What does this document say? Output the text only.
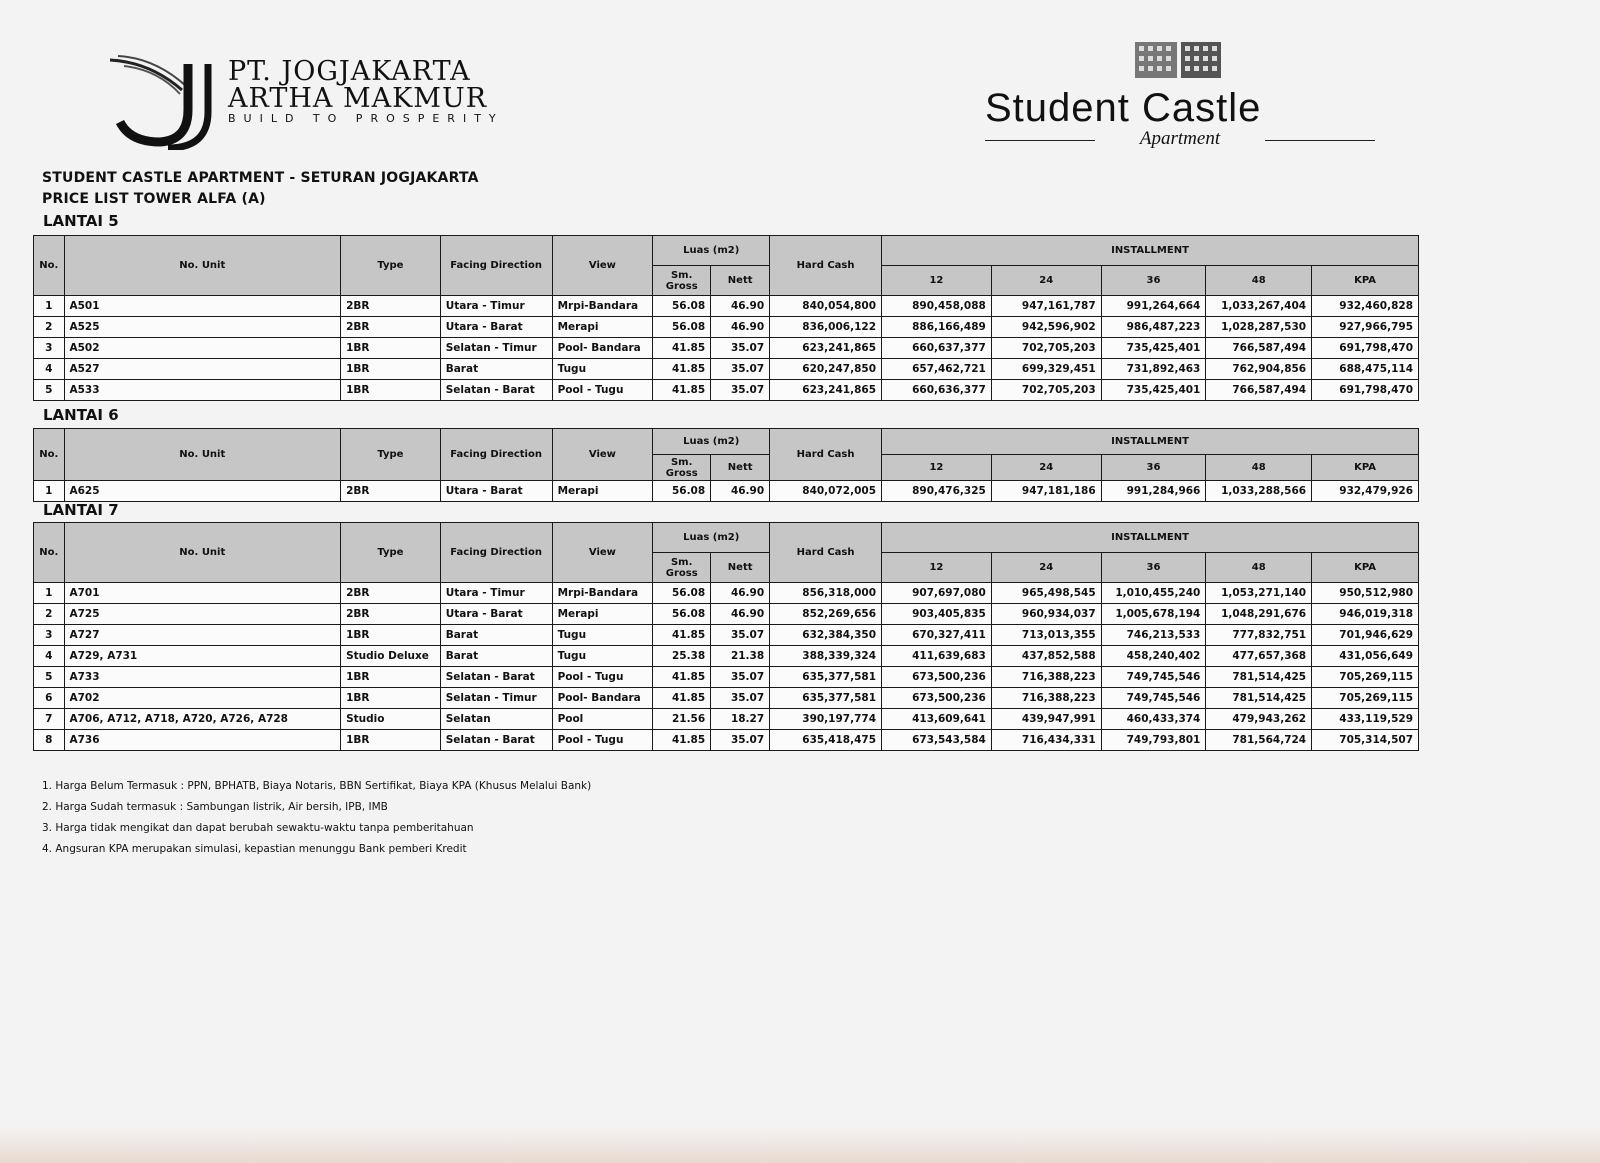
PT. JOGJAKARTA
ARTHA MAKMUR
BUILD TO PROSPERITY	Student Castle
Apartment
STUDENT CASTLE APARTMENT - SETURAN JOGJAKARTA
PRICE LIST TOWER ALFA (A)
LANTAI 5
LANTAI 6
LANTAI 7
No.	No. Unit	Type	Facing Direction	View	Luas (m2)		Hard Cash	INSTALLMENT				
					Sm. Gross	Nett		12	24	36	48	KPA
1	A501	2BR	Utara - Timur	Mrpi-Bandara	56.08	46.90	840,054,800	890,458,088	947,161,787	991,264,664	1,033,267,404	932,460,828
2	A525	2BR	Utara - Barat	Merapi	56.08	46.90	836,006,122	886,166,489	942,596,902	986,487,223	1,028,287,530	927,966,795
3	A502	1BR	Selatan - Timur	Pool- Bandara	41.85	35.07	623,241,865	660,637,377	702,705,203	735,425,401	766,587,494	691,798,470
4	A527	1BR	Barat	Tugu	41.85	35.07	620,247,850	657,462,721	699,329,451	731,892,463	762,904,856	688,475,114
5	A533	1BR	Selatan - Barat	Pool - Tugu	41.85	35.07	623,241,865	660,636,377	702,705,203	735,425,401	766,587,494	691,798,470
No.	No. Unit	Type	Facing Direction	View	Luas (m2)		Hard Cash	INSTALLMENT				
					Sm. Gross	Nett		12	24	36	48	KPA
1	A625	2BR	Utara - Barat	Merapi	56.08	46.90	840,072,005	890,476,325	947,181,186	991,284,966	1,033,288,566	932,479,926
No.	No. Unit	Type	Facing Direction	View	Luas (m2)		Hard Cash	INSTALLMENT				
					Sm. Gross	Nett		12	24	36	48	KPA
1	A701	2BR	Utara - Timur	Mrpi-Bandara	56.08	46.90	856,318,000	907,697,080	965,498,545	1,010,455,240	1,053,271,140	950,512,980
2	A725	2BR	Utara - Barat	Merapi	56.08	46.90	852,269,656	903,405,835	960,934,037	1,005,678,194	1,048,291,676	946,019,318
3	A727	1BR	Barat	Tugu	41.85	35.07	632,384,350	670,327,411	713,013,355	746,213,533	777,832,751	701,946,629
4	A729, A731	Studio Deluxe	Barat	Tugu	25.38	21.38	388,339,324	411,639,683	437,852,588	458,240,402	477,657,368	431,056,649
5	A733	1BR	Selatan - Barat	Pool - Tugu	41.85	35.07	635,377,581	673,500,236	716,388,223	749,745,546	781,514,425	705,269,115
6	A702	1BR	Selatan - Timur	Pool- Bandara	41.85	35.07	635,377,581	673,500,236	716,388,223	749,745,546	781,514,425	705,269,115
7	A706, A712, A718, A720, A726, A728	Studio	Selatan	Pool	21.56	18.27	390,197,774	413,609,641	439,947,991	460,433,374	479,943,262	433,119,529
8	A736	1BR	Selatan - Barat	Pool - Tugu	41.85	35.07	635,418,475	673,543,584	716,434,331	749,793,801	781,564,724	705,314,507
1. Harga Belum Termasuk : PPN, BPHATB, Biaya Notaris, BBN Sertifikat, Biaya KPA (Khusus Melalui Bank)
2. Harga Sudah termasuk : Sambungan listrik, Air bersih, IPB, IMB
3. Harga tidak mengikat dan dapat berubah sewaktu-waktu tanpa pemberitahuan
4. Angsuran KPA merupakan simulasi, kepastian menunggu Bank pemberi Kredit
